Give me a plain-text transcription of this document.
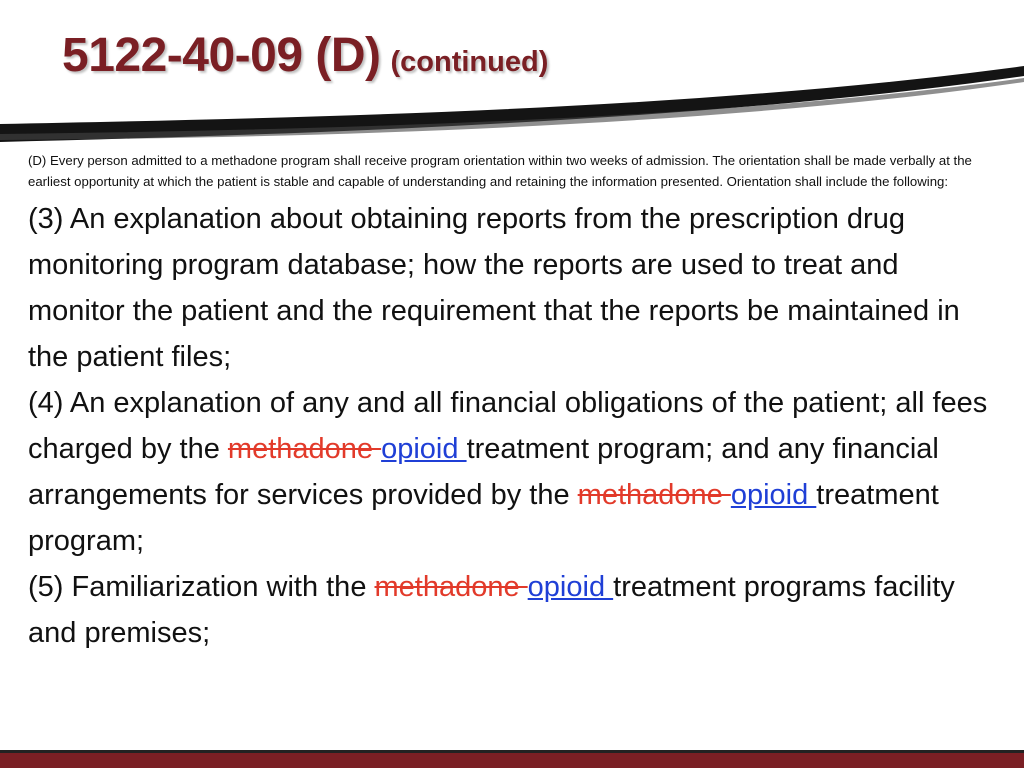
5122-40-09 (D) (continued)

(D) Every person admitted to a methadone program shall receive program orientation within two weeks of admission. The orientation shall be made verbally at the earliest opportunity at which the patient is stable and capable of understanding and retaining the information presented. Orientation shall include the following:

(3) An explanation about obtaining reports from the prescription drug monitoring program database; how the reports are used to treat and monitor the patient and the requirement that the reports be maintained in the patient files;

(4) An explanation of any and all financial obligations of the patient; all fees charged by the methadone opioid treatment program; and any financial arrangements for services provided by the methadone opioid treatment program;

(5) Familiarization with the methadone opioid treatment programs facility and premises;
